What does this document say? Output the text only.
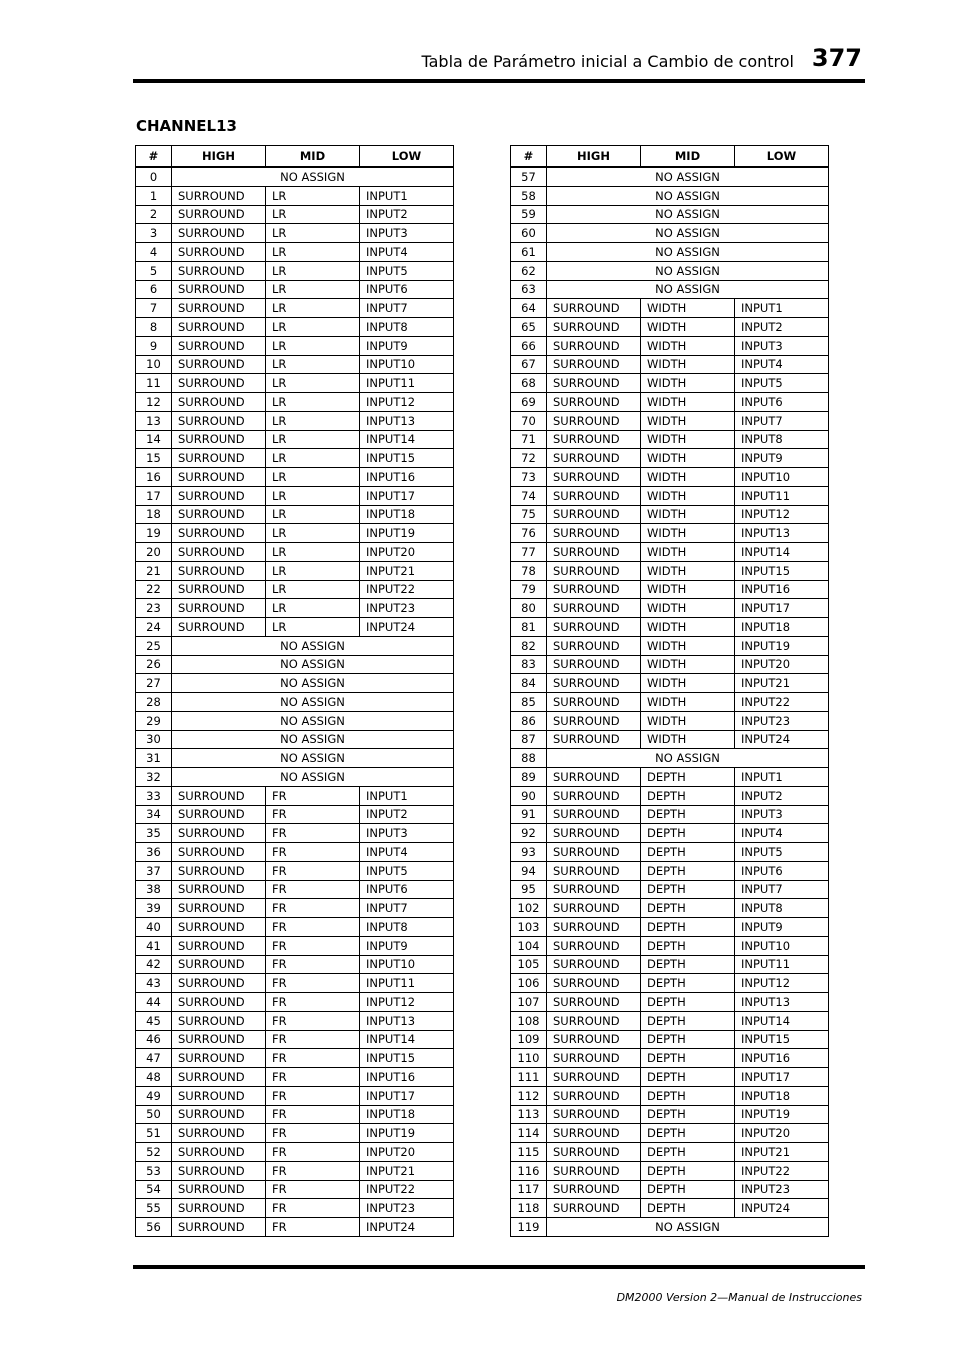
Tabla de Parámetro inicial a Cambio de control 377
CHANNEL13
#	HIGH	MID	LOW
0	NO ASSIGN		
1	SURROUND	LR	INPUT1
2	SURROUND	LR	INPUT2
3	SURROUND	LR	INPUT3
4	SURROUND	LR	INPUT4
5	SURROUND	LR	INPUT5
6	SURROUND	LR	INPUT6
7	SURROUND	LR	INPUT7
8	SURROUND	LR	INPUT8
9	SURROUND	LR	INPUT9
10	SURROUND	LR	INPUT10
11	SURROUND	LR	INPUT11
12	SURROUND	LR	INPUT12
13	SURROUND	LR	INPUT13
14	SURROUND	LR	INPUT14
15	SURROUND	LR	INPUT15
16	SURROUND	LR	INPUT16
17	SURROUND	LR	INPUT17
18	SURROUND	LR	INPUT18
19	SURROUND	LR	INPUT19
20	SURROUND	LR	INPUT20
21	SURROUND	LR	INPUT21
22	SURROUND	LR	INPUT22
23	SURROUND	LR	INPUT23
24	SURROUND	LR	INPUT24
25	NO ASSIGN		
26	NO ASSIGN		
27	NO ASSIGN		
28	NO ASSIGN		
29	NO ASSIGN		
30	NO ASSIGN		
31	NO ASSIGN		
32	NO ASSIGN		
33	SURROUND	FR	INPUT1
34	SURROUND	FR	INPUT2
35	SURROUND	FR	INPUT3
36	SURROUND	FR	INPUT4
37	SURROUND	FR	INPUT5
38	SURROUND	FR	INPUT6
39	SURROUND	FR	INPUT7
40	SURROUND	FR	INPUT8
41	SURROUND	FR	INPUT9
42	SURROUND	FR	INPUT10
43	SURROUND	FR	INPUT11
44	SURROUND	FR	INPUT12
45	SURROUND	FR	INPUT13
46	SURROUND	FR	INPUT14
47	SURROUND	FR	INPUT15
48	SURROUND	FR	INPUT16
49	SURROUND	FR	INPUT17
50	SURROUND	FR	INPUT18
51	SURROUND	FR	INPUT19
52	SURROUND	FR	INPUT20
53	SURROUND	FR	INPUT21
54	SURROUND	FR	INPUT22
55	SURROUND	FR	INPUT23
56	SURROUND	FR	INPUT24
#	HIGH	MID	LOW
57	NO ASSIGN		
58	NO ASSIGN		
59	NO ASSIGN		
60	NO ASSIGN		
61	NO ASSIGN		
62	NO ASSIGN		
63	NO ASSIGN		
64	SURROUND	WIDTH	INPUT1
65	SURROUND	WIDTH	INPUT2
66	SURROUND	WIDTH	INPUT3
67	SURROUND	WIDTH	INPUT4
68	SURROUND	WIDTH	INPUT5
69	SURROUND	WIDTH	INPUT6
70	SURROUND	WIDTH	INPUT7
71	SURROUND	WIDTH	INPUT8
72	SURROUND	WIDTH	INPUT9
73	SURROUND	WIDTH	INPUT10
74	SURROUND	WIDTH	INPUT11
75	SURROUND	WIDTH	INPUT12
76	SURROUND	WIDTH	INPUT13
77	SURROUND	WIDTH	INPUT14
78	SURROUND	WIDTH	INPUT15
79	SURROUND	WIDTH	INPUT16
80	SURROUND	WIDTH	INPUT17
81	SURROUND	WIDTH	INPUT18
82	SURROUND	WIDTH	INPUT19
83	SURROUND	WIDTH	INPUT20
84	SURROUND	WIDTH	INPUT21
85	SURROUND	WIDTH	INPUT22
86	SURROUND	WIDTH	INPUT23
87	SURROUND	WIDTH	INPUT24
88	NO ASSIGN		
89	SURROUND	DEPTH	INPUT1
90	SURROUND	DEPTH	INPUT2
91	SURROUND	DEPTH	INPUT3
92	SURROUND	DEPTH	INPUT4
93	SURROUND	DEPTH	INPUT5
94	SURROUND	DEPTH	INPUT6
95	SURROUND	DEPTH	INPUT7
102	SURROUND	DEPTH	INPUT8
103	SURROUND	DEPTH	INPUT9
104	SURROUND	DEPTH	INPUT10
105	SURROUND	DEPTH	INPUT11
106	SURROUND	DEPTH	INPUT12
107	SURROUND	DEPTH	INPUT13
108	SURROUND	DEPTH	INPUT14
109	SURROUND	DEPTH	INPUT15
110	SURROUND	DEPTH	INPUT16
111	SURROUND	DEPTH	INPUT17
112	SURROUND	DEPTH	INPUT18
113	SURROUND	DEPTH	INPUT19
114	SURROUND	DEPTH	INPUT20
115	SURROUND	DEPTH	INPUT21
116	SURROUND	DEPTH	INPUT22
117	SURROUND	DEPTH	INPUT23
118	SURROUND	DEPTH	INPUT24
119	NO ASSIGN		
DM2000 Version 2—Manual de Instrucciones
